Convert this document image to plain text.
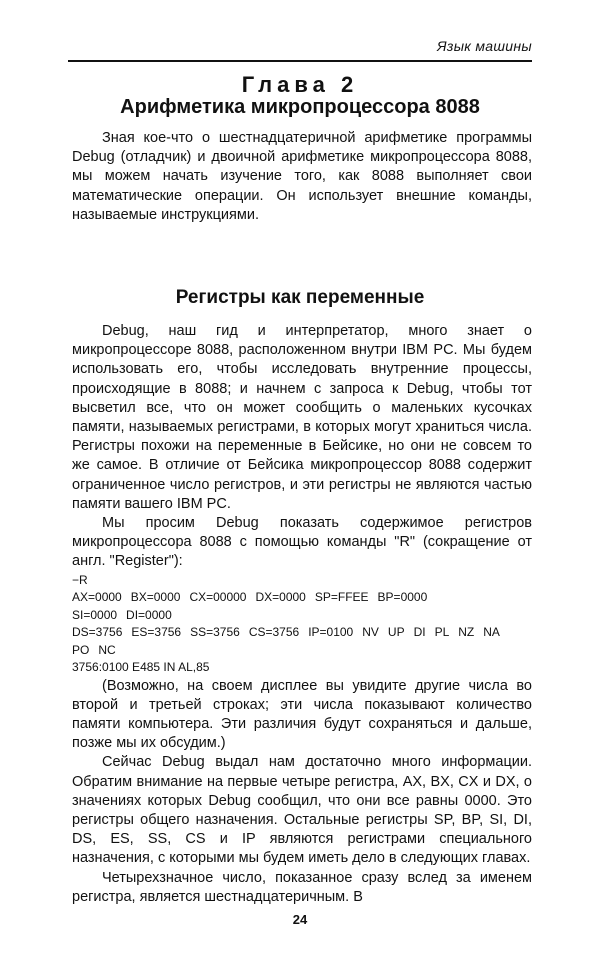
Язык машины
Глава 2
Арифметика микропроцессора 8088

Зная кое-что о шестнадцатеричной арифметике программы Debug (отладчик) и двоичной арифметике микропроцессора 8088, мы можем начать изучение того, как 8088 выполняет свои математические операции. Он использует внешние команды, называемые инструкциями.

Регистры как переменные

Debug, наш гид и интерпретатор, много знает о микропроцессоре 8088, расположенном внутри IBM PC. Мы будем использовать его, чтобы исследовать внутренние процессы, происходящие в 8088; и начнем с запроса к Debug, чтобы тот высветил все, что он может сообщить о маленьких кусочках памяти, называемых регистрами, в которых могут храниться числа. Регистры похожи на переменные в Бейсике, но они не совсем то же самое. В отличие от Бейсика микропроцессор 8088 содержит ограниченное число регистров, и эти регистры не являются частью памяти вашего IBM PC.

Мы просим Debug показать содержимое регистров микропроцессора 8088 с помощью команды "R" (сокращение от англ. "Register"):

−R
AX=0000 BX=0000 CX=00000 DX=0000 SP=FFEE BP=0000
SI=0000 DI=0000
DS=3756 ES=3756 SS=3756 CS=3756 IP=0100 NV UP DI PL NZ NA
PO NC
3756:0100 E485 IN AL,85

(Возможно, на своем дисплее вы увидите другие числа во второй и третьей строках; эти числа показывают количество памяти компьютера. Эти различия будут сохраняться и дальше, позже мы их обсудим.)

Сейчас Debug выдал нам достаточно много информации. Обратим внимание на первые четыре регистра, AX, BX, CX и DX, о значениях которых Debug сообщил, что они все равны 0000. Это регистры общего назначения. Остальные регистры SP, BP, SI, DI, DS, ES, SS, CS и IP являются регистрами специального назначения, с которыми мы будем иметь дело в следующих главах.

Четырехзначное число, показанное сразу вслед за именем регистра, является шестнадцатеричным. В

24
